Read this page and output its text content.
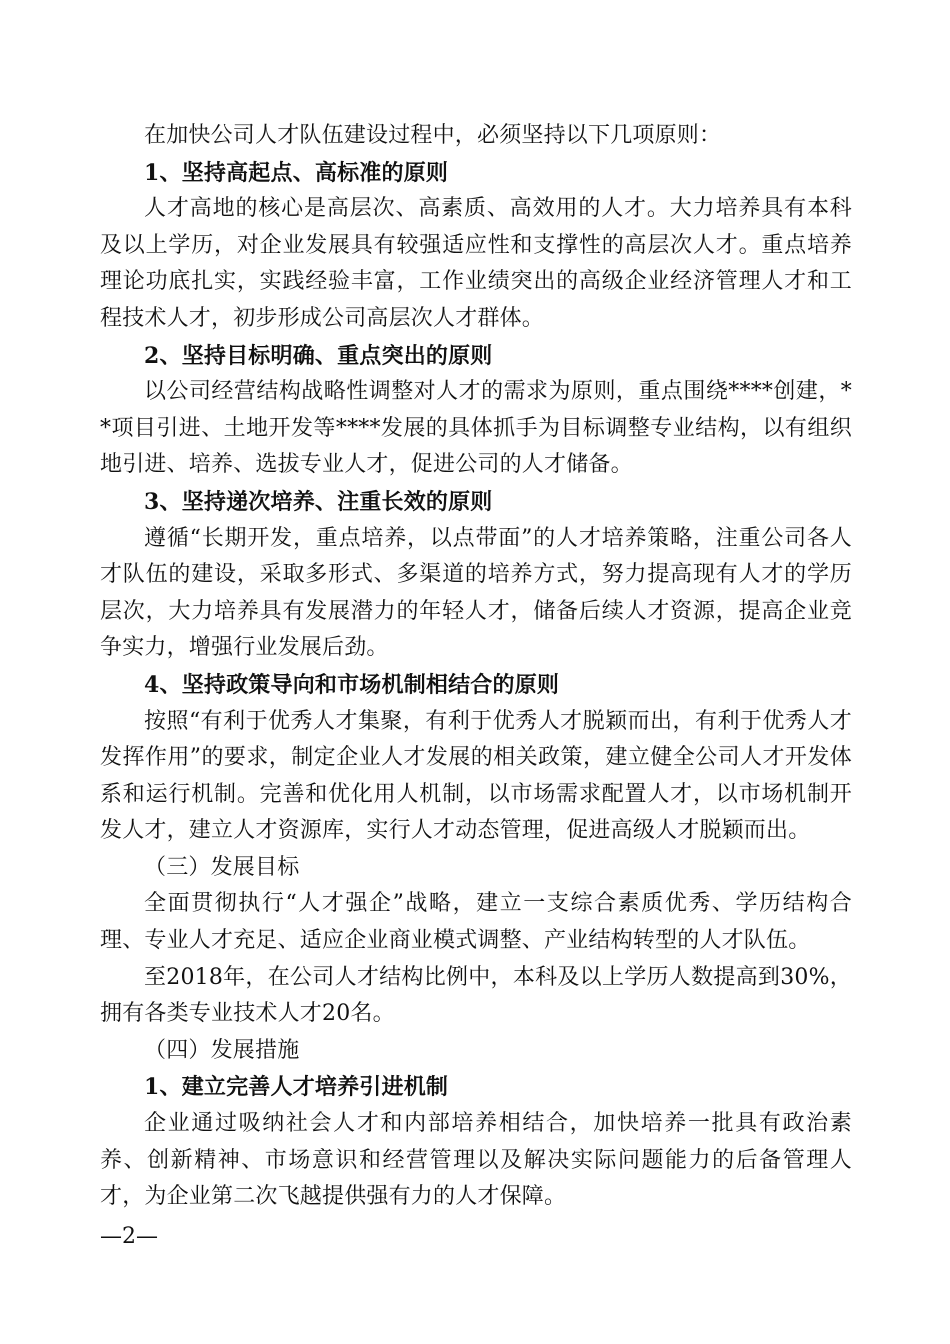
在加快公司人才队伍建设过程中，必须坚持以下几项原则：

1、坚持高起点、高标准的原则

人才高地的核心是高层次、高素质、高效用的人才。大力培养具有本科及以上学历，对企业发展具有较强适应性和支撑性的高层次人才。重点培养理论功底扎实，实践经验丰富，工作业绩突出的高级企业经济管理人才和工程技术人才，初步形成公司高层次人才群体。

2、坚持目标明确、重点突出的原则

以公司经营结构战略性调整对人才的需求为原则，重点围绕****创建，**项目引进、土地开发等****发展的具体抓手为目标调整专业结构，以有组织地引进、培养、选拔专业人才，促进公司的人才储备。

3、坚持递次培养、注重长效的原则

遵循“长期开发，重点培养，以点带面”的人才培养策略，注重公司各人才队伍的建设，采取多形式、多渠道的培养方式，努力提高现有人才的学历层次，大力培养具有发展潜力的年轻人才，储备后续人才资源，提高企业竞争实力，增强行业发展后劲。

4、坚持政策导向和市场机制相结合的原则

按照“有利于优秀人才集聚，有利于优秀人才脱颖而出，有利于优秀人才发挥作用”的要求，制定企业人才发展的相关政策，建立健全公司人才开发体系和运行机制。完善和优化用人机制，以市场需求配置人才，以市场机制开发人才，建立人才资源库，实行人才动态管理，促进高级人才脱颖而出。

（三）发展目标

全面贯彻执行“人才强企”战略，建立一支综合素质优秀、学历结构合理、专业人才充足、适应企业商业模式调整、产业结构转型的人才队伍。

至2018年，在公司人才结构比例中，本科及以上学历人数提高到30%，拥有各类专业技术人才20名。

（四）发展措施

1、建立完善人才培养引进机制

企业通过吸纳社会人才和内部培养相结合，加快培养一批具有政治素养、创新精神、市场意识和经营管理以及解决实际问题能力的后备管理人才，为企业第二次飞越提供强有力的人才保障。

—2—
